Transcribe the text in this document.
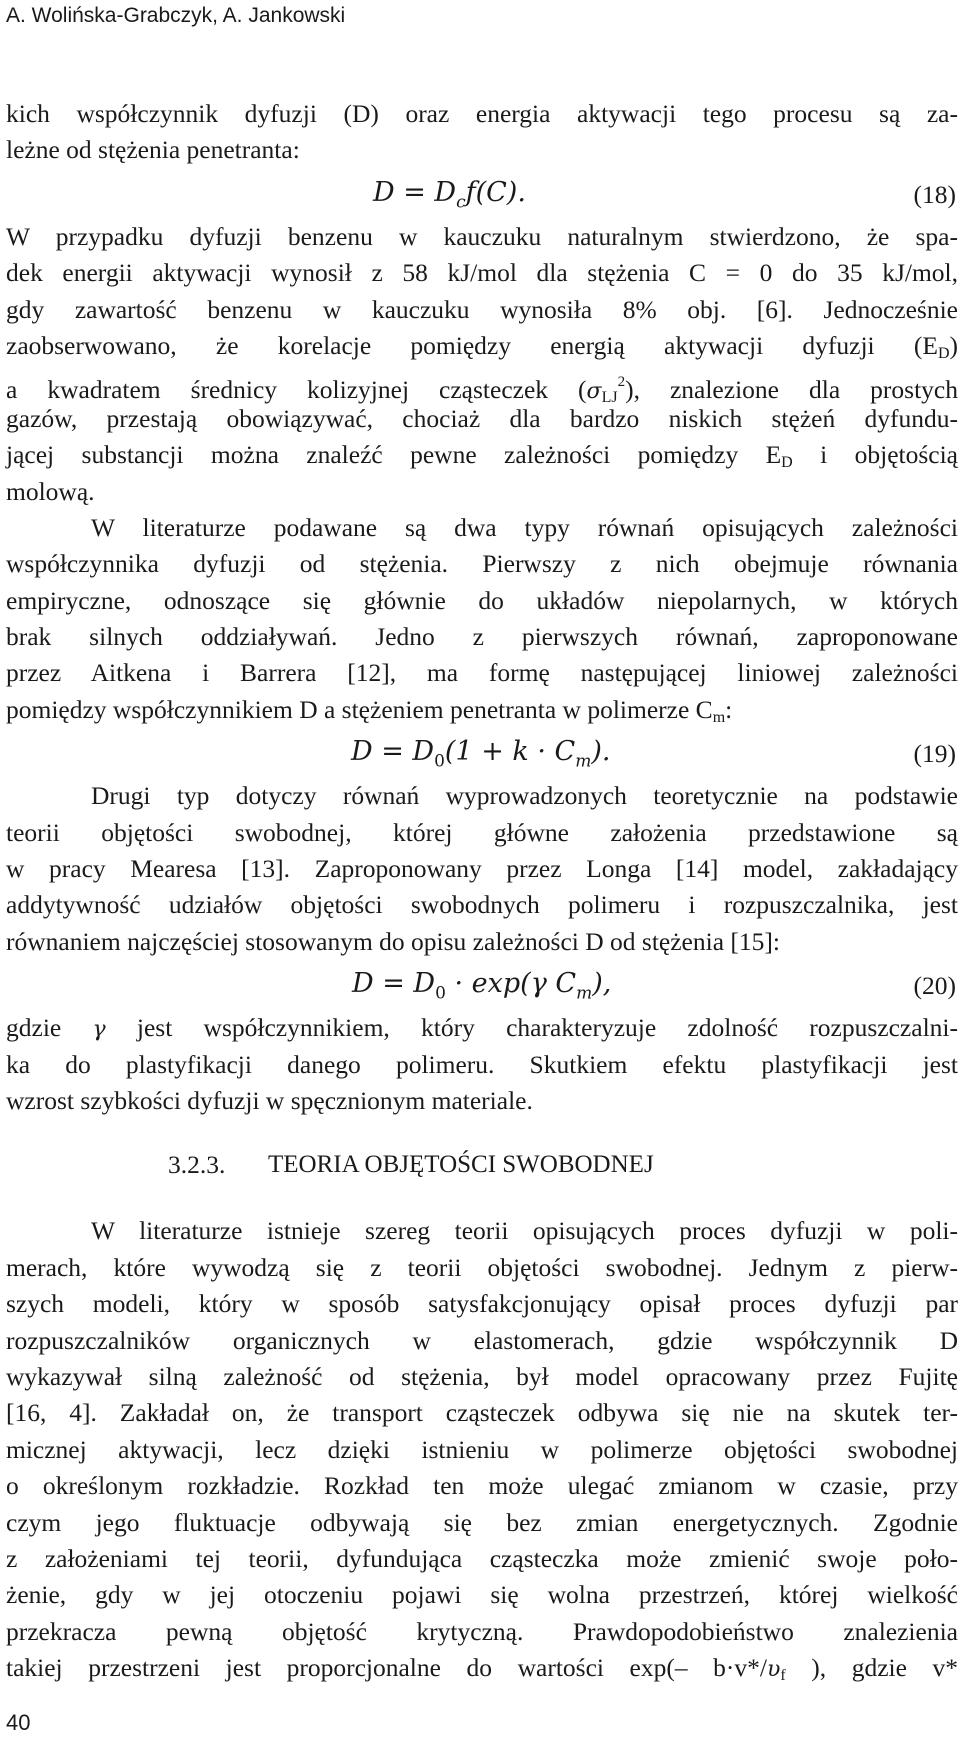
A. Wolińska-Grabczyk, A. Jankowski
kich współczynnik dyfuzji (D) oraz energia aktywacji tego procesu są za-
leżne od stężenia penetranta:
$D = D_cf(C)$.	(18)
W przypadku dyfuzji benzenu w kauczuku naturalnym stwierdzono, że spa-
dek energii aktywacji wynosił z 58 kJ/mol dla stężenia C = 0 do 35 kJ/mol,
gdy zawartość benzenu w kauczuku wynosiła 8% obj. [6]. Jednocześnie
zaobserwowano, że korelacje pomiędzy energią aktywacji dyfuzji $(E_D)$
a kwadratem średnicy kolizyjnej cząsteczek $(\sigma_{LJ}^2)$, znalezione dla prostych
gazów, przestają obowiązywać, chociaż dla bardzo niskich stężeń dyfundu-
jącej substancji można znaleźć pewne zależności pomiędzy $E_D$ i objętością
molową.
W literaturze podawane są dwa typy równań opisujących zależności
współczynnika dyfuzji od stężenia. Pierwszy z nich obejmuje równania
empiryczne, odnoszące się głównie do układów niepolarnych, w których
brak silnych oddziaływań. Jedno z pierwszych równań, zaproponowane
przez Aitkena i Barrera [12], ma formę następującej liniowej zależności
pomiędzy współczynnikiem D a stężeniem penetranta w polimerze $C_m$:
$D = D_0(1 + k \cdot C_m)$.	(19)
Drugi typ dotyczy równań wyprowadzonych teoretycznie na podstawie
teorii objętości swobodnej, której główne założenia przedstawione są
w pracy Mearesa [13]. Zaproponowany przez Longa [14] model, zakładający
addytywność udziałów objętości swobodnych polimeru i rozpuszczalnika, jest
równaniem najczęściej stosowanym do opisu zależności D od stężenia [15]:
$D = D_0 \cdot \exp(\gamma$ $C_m$),	(20)
gdzie γ jest współczynnikiem, który charakteryzuje zdolność rozpuszczalni-
ka do plastyfikacji danego polimeru. Skutkiem efektu plastyfikacji jest
wzrost szybkości dyfuzji w spęcznionym materiale.
3.2.3. TEORIA OBJĘTOŚCI SWOBODNEJ
W literaturze istnieje szereg teorii opisujących proces dyfuzji w poli-
merach, które wywodzą się z teorii objętości swobodnej. Jednym z pierw-
szych modeli, który w sposób satysfakcjonujący opisał proces dyfuzji par
rozpuszczalników organicznych w elastomerach, gdzie współczynnik D
wykazywał silną zależność od stężenia, był model opracowany przez Fujitę
[16, 4]. Zakładał on, że transport cząsteczek odbywa się nie na skutek ter-
micznej aktywacji, lecz dzięki istnieniu w polimerze objętości swobodnej
o określonym rozkładzie. Rozkład ten może ulegać zmianom w czasie, przy
czym jego fluktuacje odbywają się bez zmian energetycznych. Zgodnie
z założeniami tej teorii, dyfundująca cząsteczka może zmienić swoje poło-
żenie, gdy w jej otoczeniu pojawi się wolna przestrzeń, której wielkość
przekracza pewną objętość krytyczną. Prawdopodobieństwo znalezienia
takiej przestrzeni jest proporcjonalne do wartości exp(– $b\cdot v*/\upsilon_f$ ), gdzie v*
40
